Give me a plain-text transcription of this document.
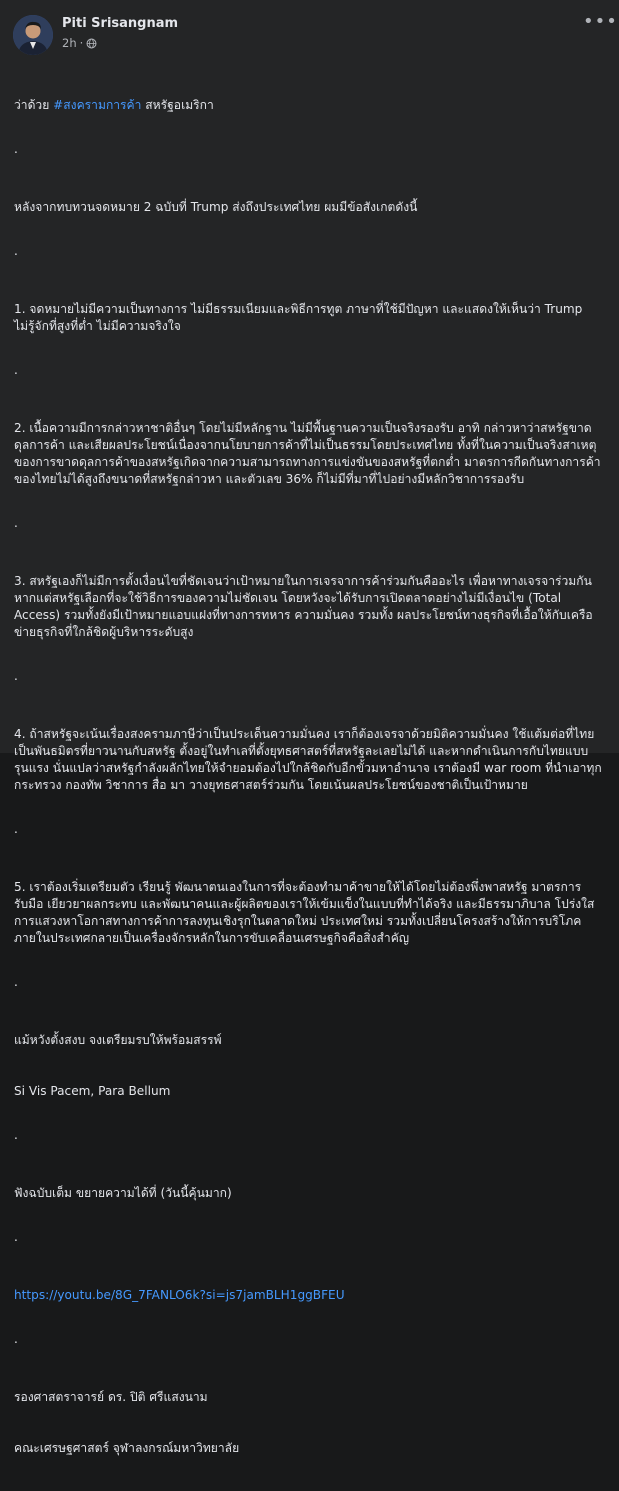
Piti Srisangnam
2h ·
•••

ว่าด้วย #สงครามการค้า สหรัฐอเมริกา

.

หลังจากทบทวนจดหมาย 2 ฉบับที่ Trump ส่งถึงประเทศไทย ผมมีข้อสังเกตดังนี้

.

1. จดหมายไม่มีความเป็นทางการ ไม่มีธรรมเนียมและพิธีการทูต ภาษาที่ใช้มีปัญหา และแสดงให้เห็นว่า Trump ไม่รู้จักที่สูงที่ต่ำ ไม่มีความจริงใจ

.

2. เนื้อความมีการกล่าวหาชาติอื่นๆ โดยไม่มีหลักฐาน ไม่มีพื้นฐานความเป็นจริงรองรับ อาทิ กล่าวหาว่าสหรัฐขาดดุลการค้า และเสียผลประโยชน์เนื่องจากนโยบายการค้าที่ไม่เป็นธรรมโดยประเทศไทย ทั้งที่ในความเป็นจริงสาเหตุของการขาดดุลการค้าของสหรัฐเกิดจากความสามารถทางการแข่งขันของสหรัฐที่ตกต่ำ มาตรการกีดกันทางการค้าของไทยไม่ได้สูงถึงขนาดที่สหรัฐกล่าวหา และตัวเลข 36% ก็ไม่มีที่มาที่ไปอย่างมีหลักวิชาการรองรับ

.

3. สหรัฐเองก็ไม่มีการตั้งเงื่อนไขที่ชัดเจนว่าเป้าหมายในการเจรจาการค้าร่วมกันคืออะไร เพื่อหาทางเจรจาร่วมกัน หากแต่สหรัฐเลือกที่จะใช้วิธีการของความไม่ชัดเจน โดยหวังจะได้รับการเปิดตลาดอย่างไม่มีเงื่อนไข (Total Access) รวมทั้งยังมีเป้าหมายแอบแฝงที่ทางการทหาร ความมั่นคง รวมทั้ง ผลประโยชน์ทางธุรกิจที่เอื้อให้กับเครือข่ายธุรกิจที่ใกล้ชิดผู้บริหารระดับสูง

.

4. ถ้าสหรัฐจะเน้นเรื่องสงครามภาษีว่าเป็นประเด็นความมั่นคง เราก็ต้องเจรจาด้วยมิติความมั่นคง ใช้แต้มต่อที่ไทยเป็นพันธมิตรที่ยาวนานกับสหรัฐ ตั้งอยู่ในทำเลที่ตั้งยุทธศาสตร์ที่สหรัฐละเลยไม่ได้ และหากดำเนินการกับไทยแบบรุนแรง นั่นแปลว่าสหรัฐกำลังผลักไทยให้จำยอมต้องไปใกล้ชิดกับอีกขั้วมหาอำนาจ เราต้องมี war room ที่นำเอาทุกกระทรวง กองทัพ วิชาการ สื่อ มา วางยุทธศาสตร์ร่วมกัน โดยเน้นผลประโยชน์ของชาติเป็นเป้าหมาย

.

5. เราต้องเริ่มเตรียมตัว เรียนรู้ พัฒนาตนเองในการที่จะต้องทำมาค้าขายให้ได้โดยไม่ต้องพึ่งพาสหรัฐ มาตรการรับมือ เยียวยาผลกระทบ และพัฒนาคนและผู้ผลิตของเราให้เข้มแข็งในแบบที่ทำได้จริง และมีธรรมาภิบาล โปร่งใส การแสวงหาโอกาสทางการค้าการลงทุนเชิงรุกในตลาดใหม่ ประเทศใหม่ รวมทั้งเปลี่ยนโครงสร้างให้การบริโภคภายในประเทศกลายเป็นเครื่องจักรหลักในการขับเคลื่อนเศรษฐกิจคือสิ่งสำคัญ

.

แม้หวังตั้งสงบ จงเตรียมรบให้พร้อมสรรพ์

Si Vis Pacem, Para Bellum

.

ฟังฉบับเต็ม ขยายความได้ที่ (วันนี้คุ้นมาก)

.

https://youtu.be/8G_7FANLO6k?si=js7jamBLH1ggBFEU

.

รองศาสตราจารย์ ดร. ปิติ ศรีแสงนาม

คณะเศรษฐศาสตร์ จุฬาลงกรณ์มหาวิทยาลัย
